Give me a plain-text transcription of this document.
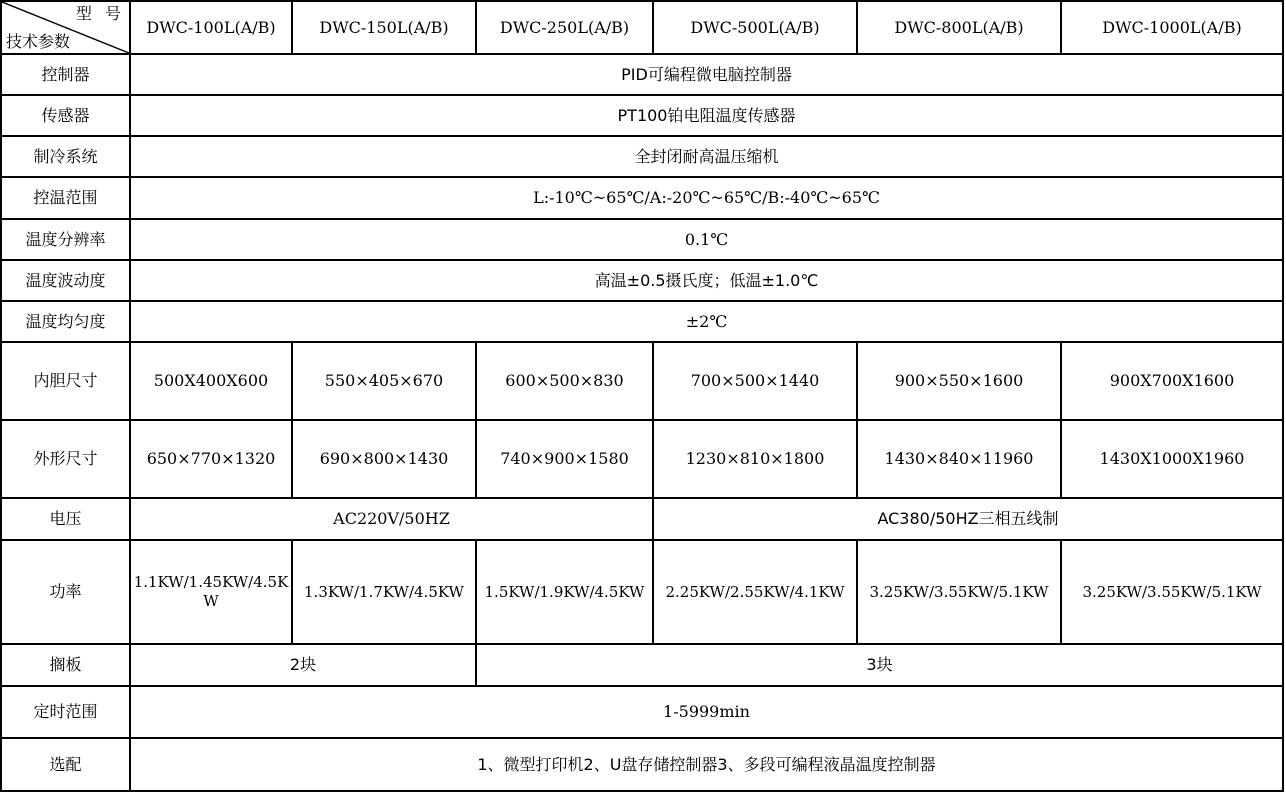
型 号
技术参数	DWC-100L(A/B)	DWC-150L(A/B)	DWC-250L(A/B)	DWC-500L(A/B)	DWC-800L(A/B)	DWC-1000L(A/B)
控制器	PID可编程微电脑控制器					
传感器	PT100铂电阻温度传感器					
制冷系统	全封闭耐高温压缩机					
控温范围	L:-10℃~65℃/A:-20℃~65℃/B:-40℃~65℃					
温度分辨率	0.1℃					
温度波动度	高温±0.5摄氏度；低温±1.0℃					
温度均匀度	±2℃					
内胆尺寸	500X400X600	550×405×670	600×500×830	700×500×1440	900×550×1600	900X700X1600
外形尺寸	650×770×1320	690×800×1430	740×900×1580	1230×810×1800	1430×840×11960	1430X1000X1960
电压	AC220V/50HZ			AC380/50HZ三相五线制		
功率	1.1KW/1.45KW/4.5KW	1.3KW/1.7KW/4.5KW	1.5KW/1.9KW/4.5KW	2.25KW/2.55KW/4.1KW	3.25KW/3.55KW/5.1KW	3.25KW/3.55KW/5.1KW
搁板	2块		3块			
定时范围	1-5999min					
选配	1、微型打印机2、U盘存储控制器3、多段可编程液晶温度控制器					
